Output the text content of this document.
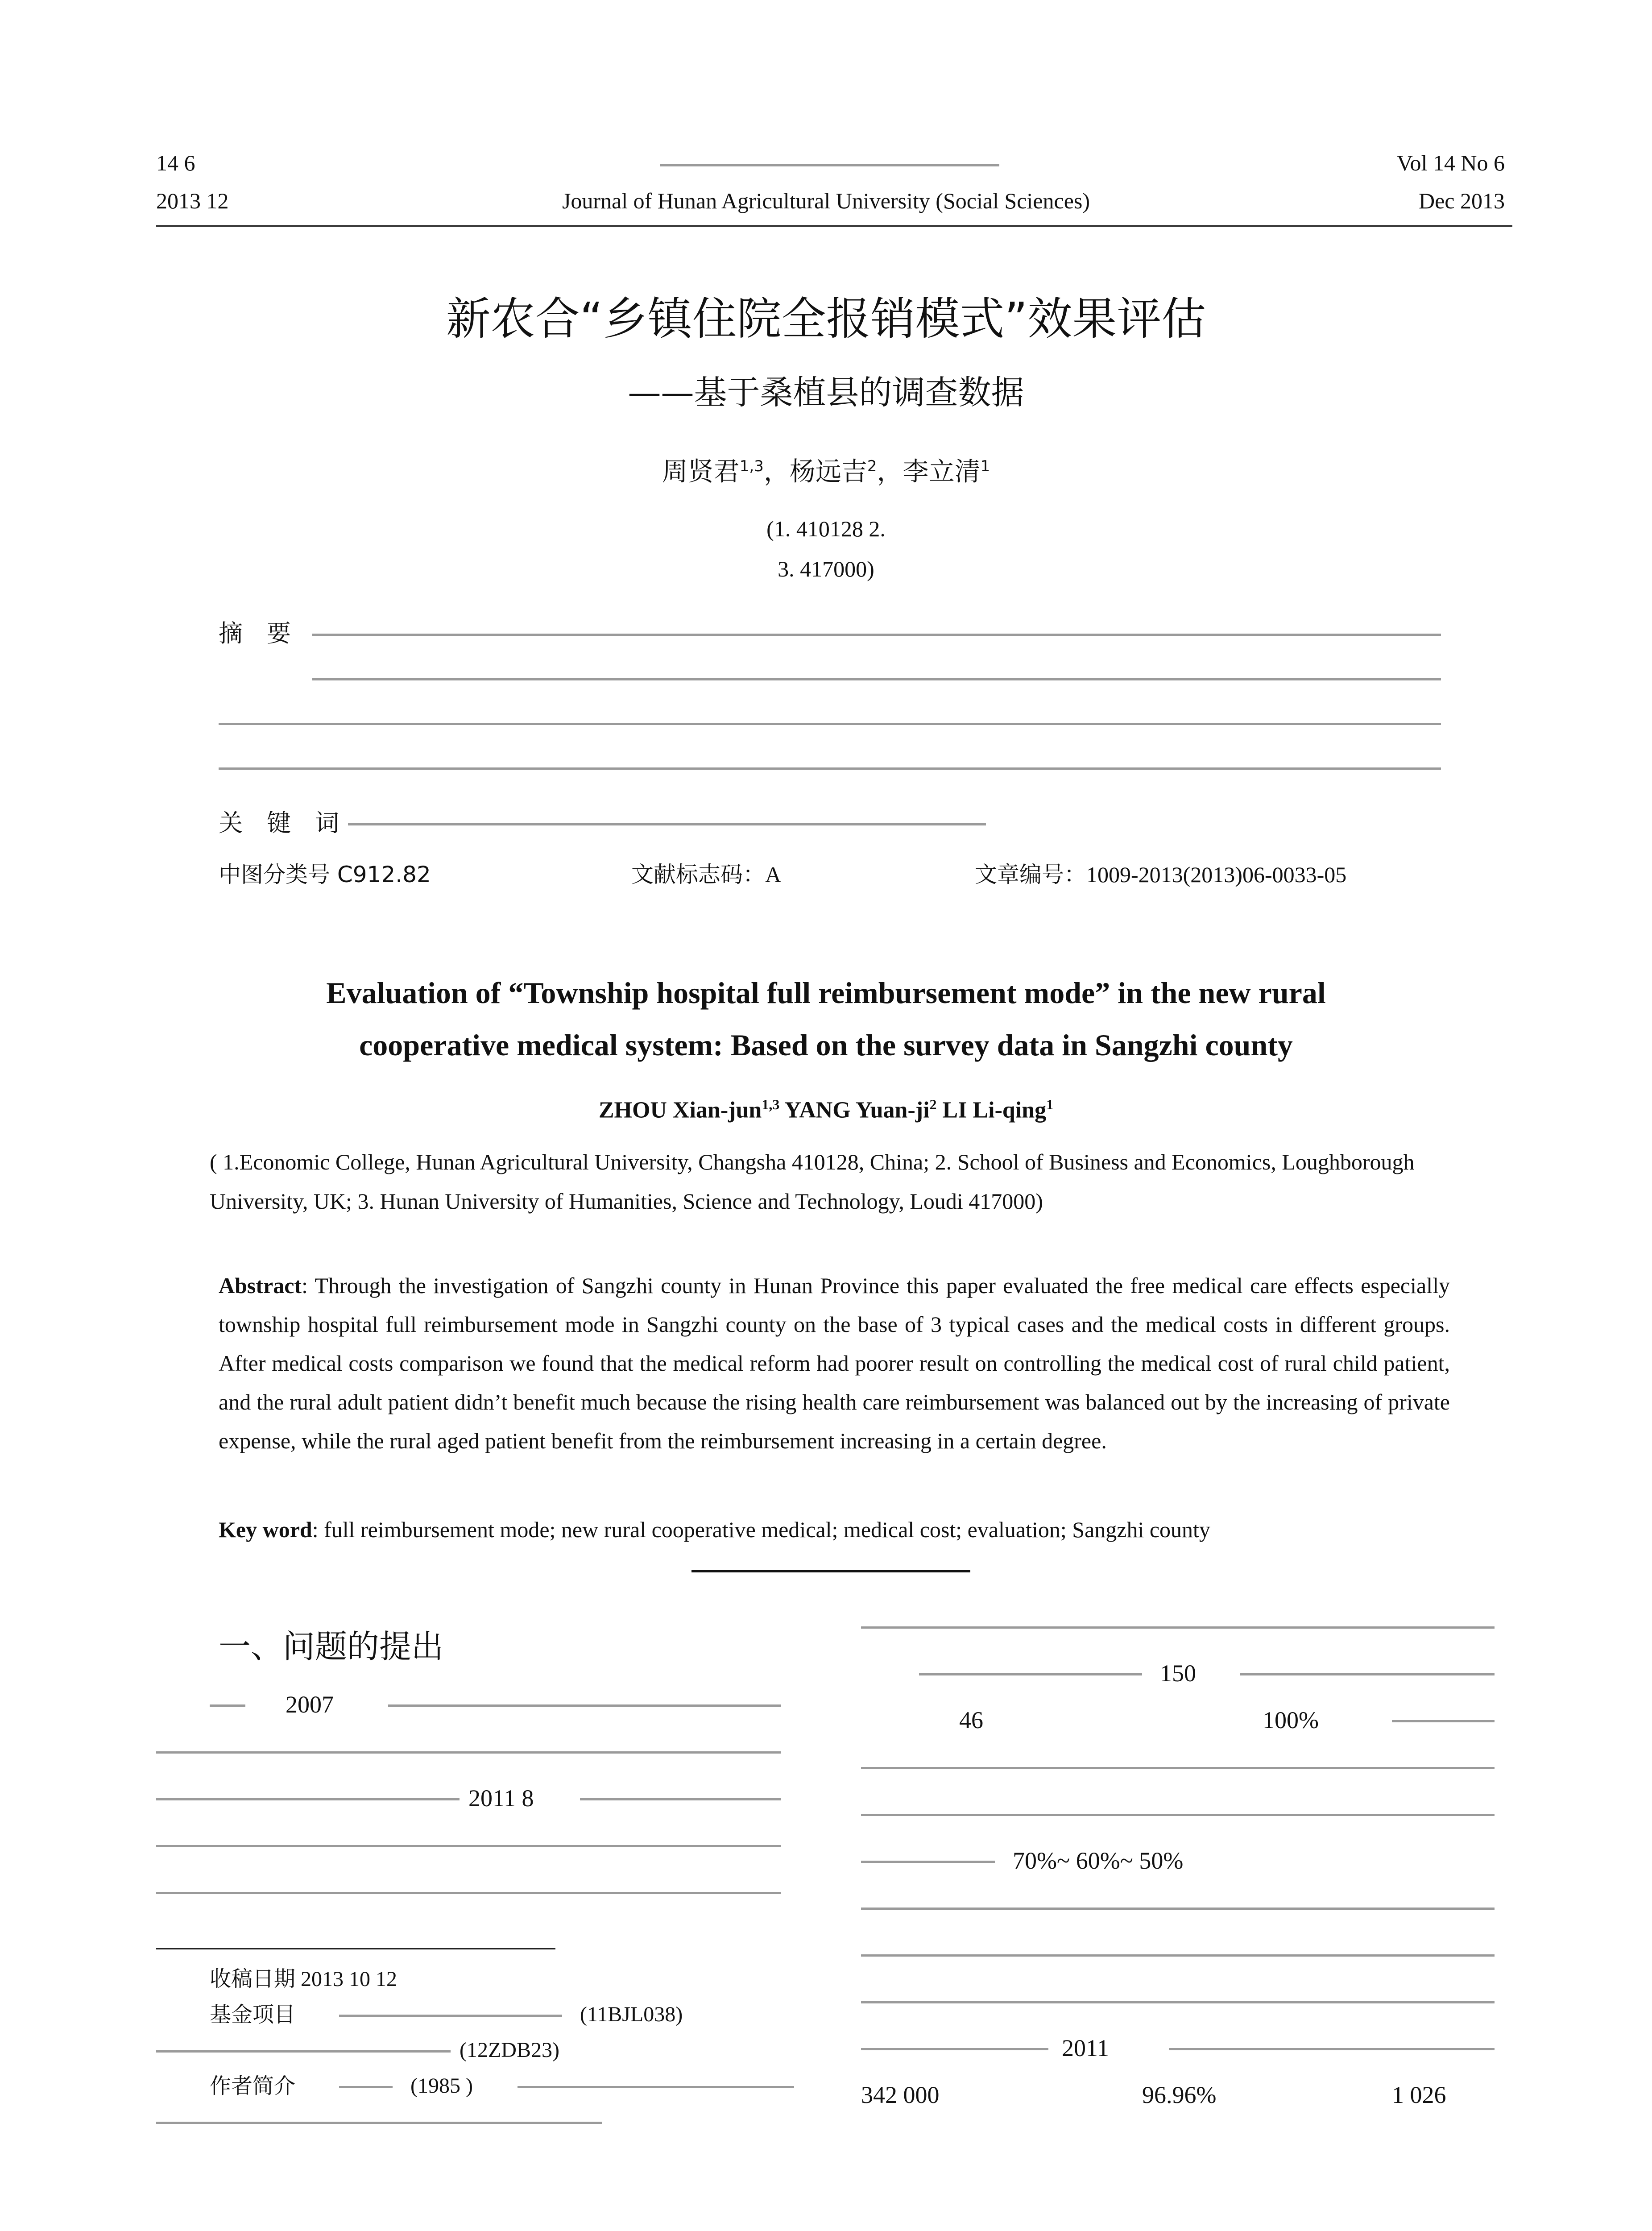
14 6
2013 12	Journal of Hunan Agricultural University (Social Sciences)
Vol 14 No 6
Dec 2013
新农合“乡镇住院全报销模式”效果评估
——基于桑植县的调查数据
周贤君$^{1,3}$，杨远吉$^2$，李立清$^1$
(1. 410128 2.
3. 417000)
摘　要
关　键　词
中图分类号 C912.82	文献标志码：A	文章编号：1009-2013(2013)06-0033-05
Evaluation of “Township hospital full reimbursement mode” in the new rural
cooperative medical system: Based on the survey data in Sangzhi county
ZHOU Xian-jun$^{1,3}$ YANG Yuan-$ji^2$ LI Li-qing$^1$
( 1.Economic College, Hunan Agricultural University, Changsha 410128, China; 2. School of Business and Economics, Loughborough University, UK; 3. Hunan University of Humanities, Science and Technology, Loudi 417000)
Abstract: Through the investigation of Sangzhi county in Hunan Province this paper evaluated the free medical care effects especially township hospital full reimbursement mode in Sangzhi county on the base of 3 typical cases and the medical costs in different groups. After medical costs comparison we found that the medical reform had poorer result on controlling the medical cost of rural child patient, and the rural adult patient didn’t benefit much because the rising health care reimbursement was balanced out by the increasing of private expense, while the rural aged patient benefit from the reimbursement increasing in a certain degree.
Key word: full reimbursement mode; new rural cooperative medical; medical cost; evaluation; Sangzhi county
一、问题的提出
2007
2011 8
150
46	100%
70%~ 60%~ 50%
2011
342 000	96.96%	1 026
收稿日期 2013 10 12
基金项目	(11BJL038)
(12ZDB23)
作者简介	(1985 )
